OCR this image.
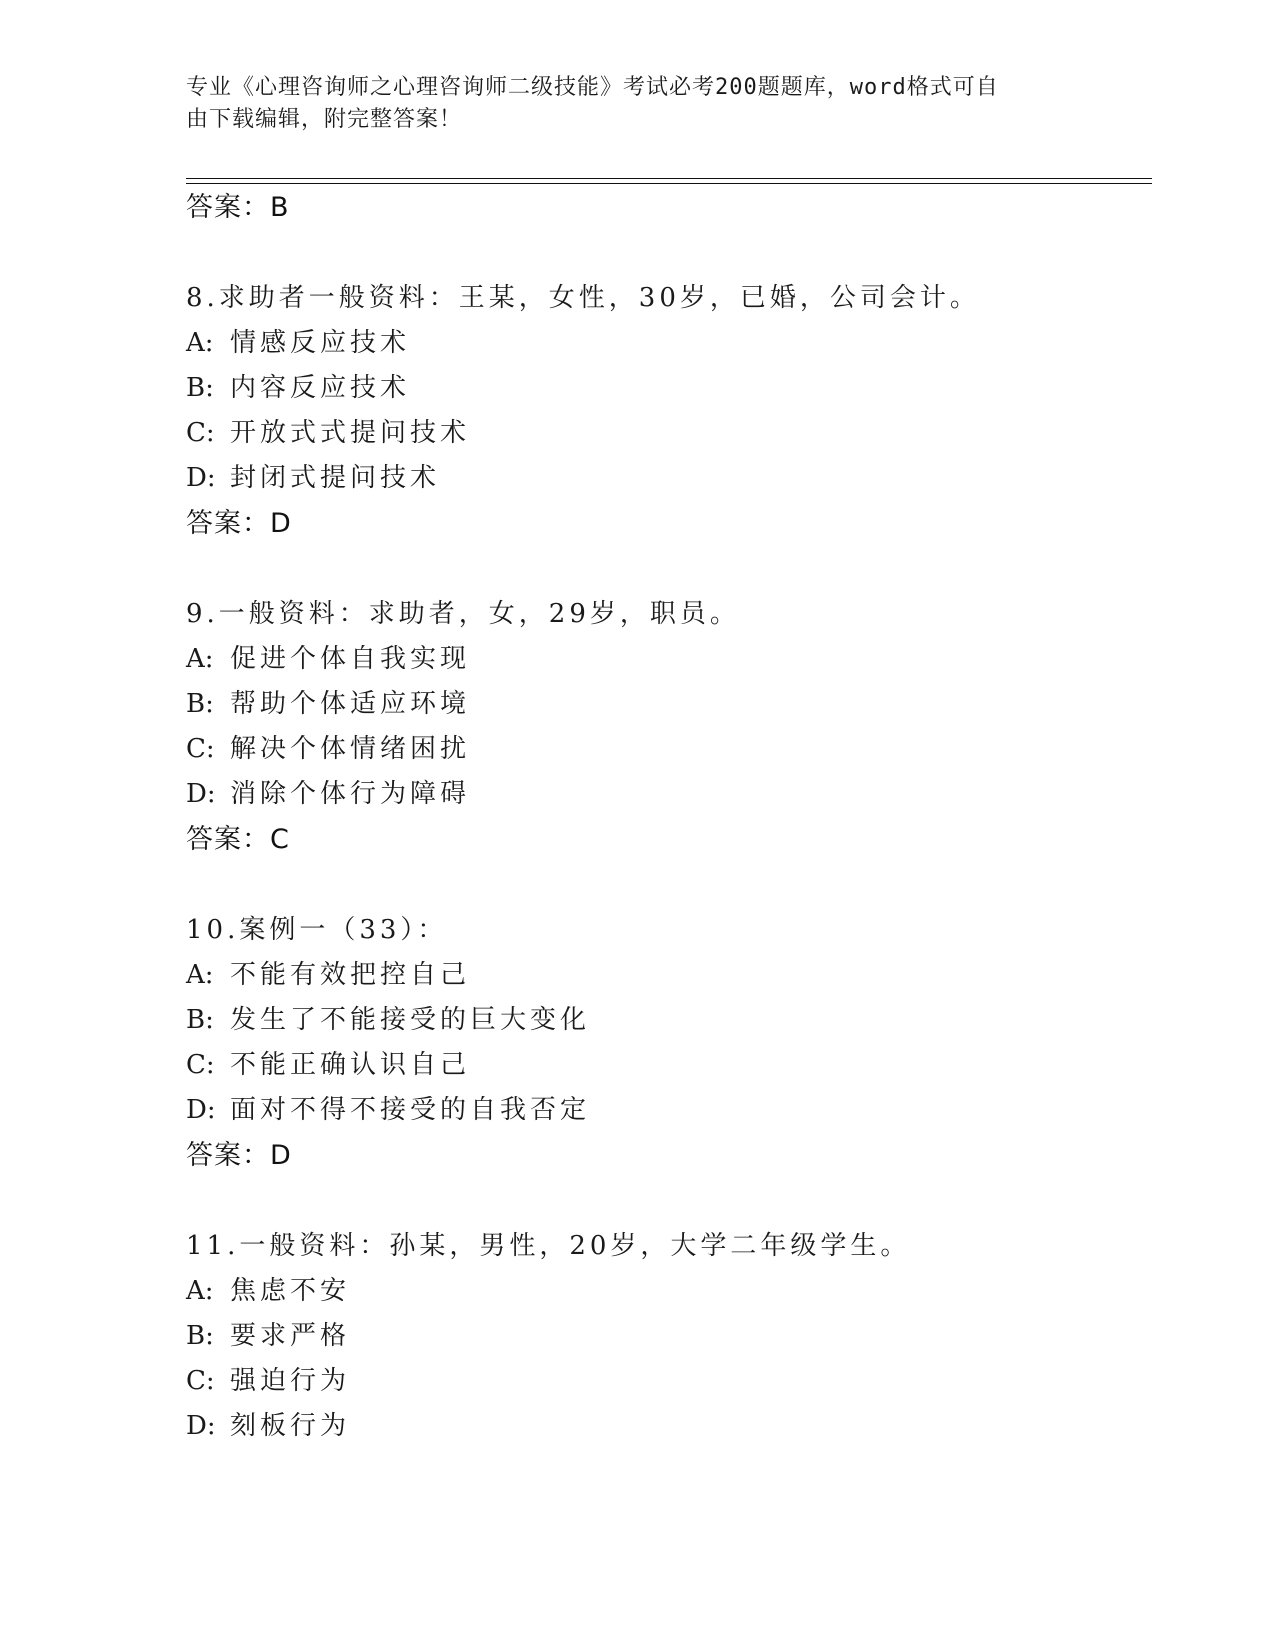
专业《心理咨询师之心理咨询师二级技能》考试必考200题题库，word格式可自
由下载编辑，附完整答案！
答案：B
8.求助者一般资料：王某，女性，30岁，已婚，公司会计。
A: 情感反应技术
B: 内容反应技术
C: 开放式式提问技术
D: 封闭式提问技术
答案：D
9.一般资料：求助者，女，29岁，职员。
A: 促进个体自我实现
B: 帮助个体适应环境
C: 解决个体情绪困扰
D: 消除个体行为障碍
答案：C
10.案例一（33）：
A: 不能有效把控自己
B: 发生了不能接受的巨大变化
C: 不能正确认识自己
D: 面对不得不接受的自我否定
答案：D
11.一般资料：孙某，男性，20岁，大学二年级学生。
A: 焦虑不安
B: 要求严格
C: 强迫行为
D: 刻板行为
